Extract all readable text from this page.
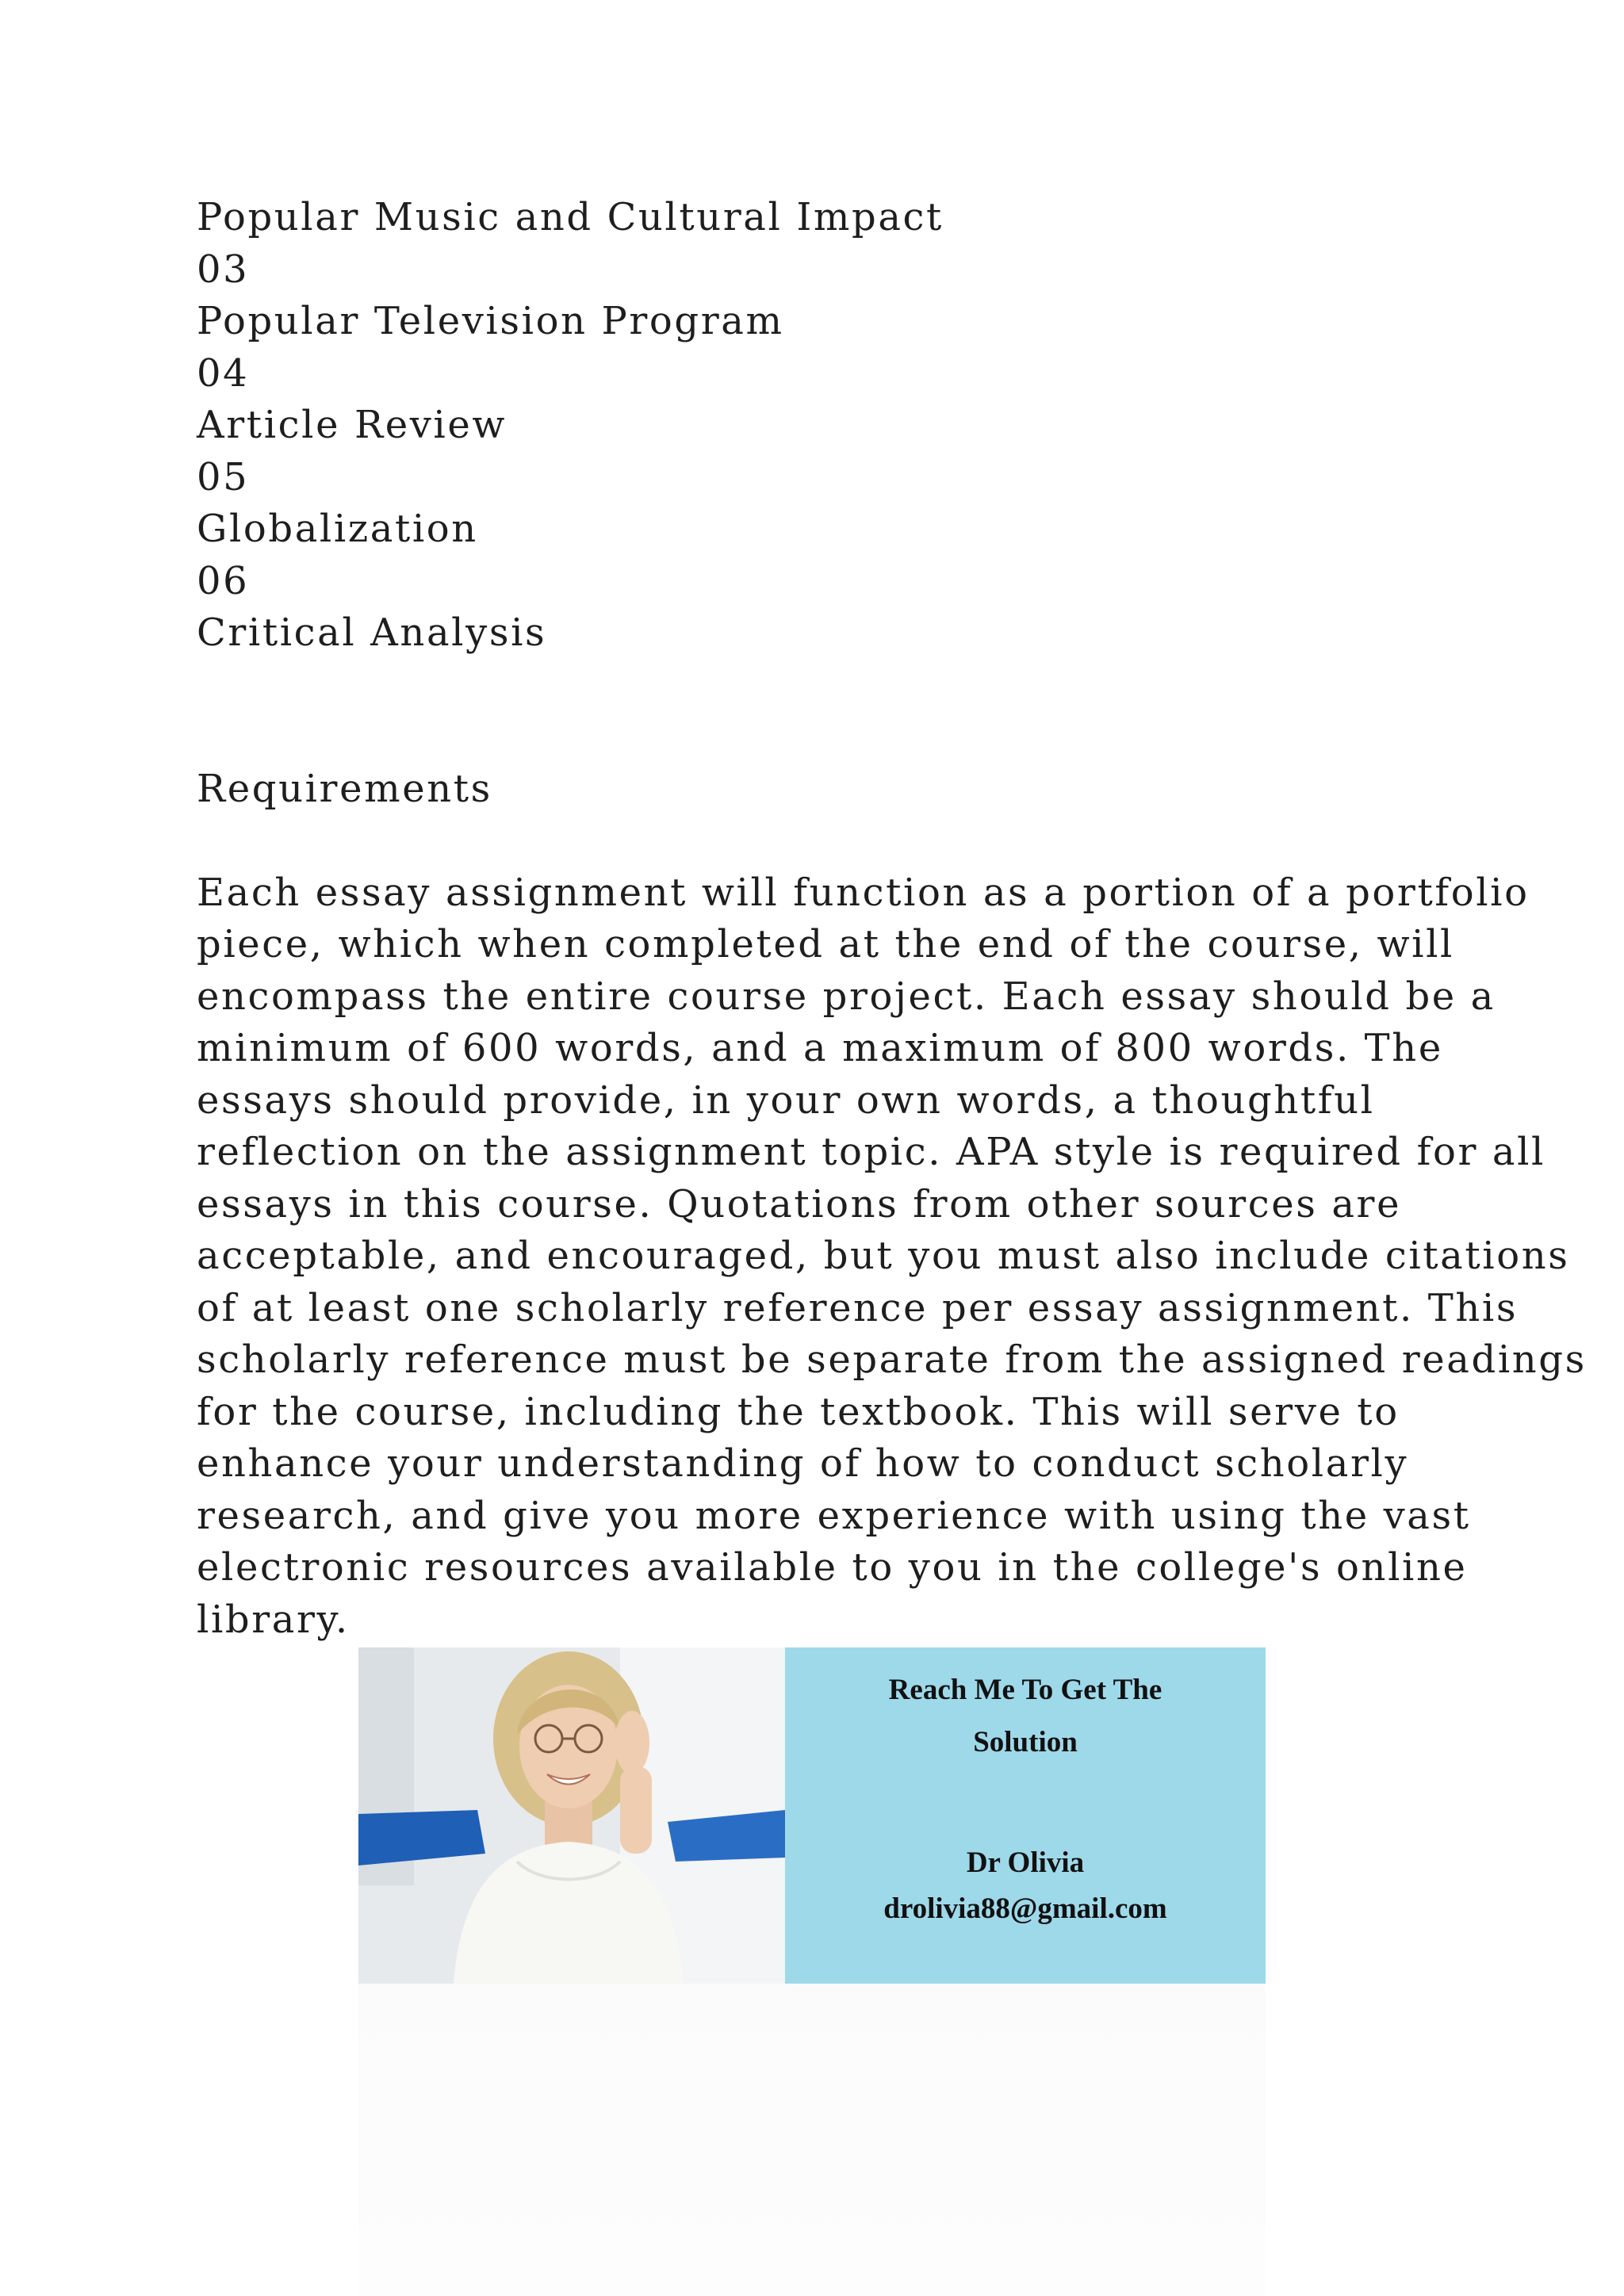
Popular Music and Cultural Impact
03
Popular Television Program
04
Article Review
05
Globalization
06
Critical Analysis
Requirements
Each essay assignment will function as a portion of a portfolio
piece, which when completed at the end of the course, will
encompass the entire course project. Each essay should be a
minimum of 600 words, and a maximum of 800 words. The
essays should provide, in your own words, a thoughtful
reflection on the assignment topic. APA style is required for all
essays in this course. Quotations from other sources are
acceptable, and encouraged, but you must also include citations
of at least one scholarly reference per essay assignment. This
scholarly reference must be separate from the assigned readings
for the course, including the textbook. This will serve to
enhance your understanding of how to conduct scholarly
research, and give you more experience with using the vast
electronic resources available to you in the college's online
library.
Reach Me To Get The
Solution
Dr Olivia
drolivia88@gmail.com
